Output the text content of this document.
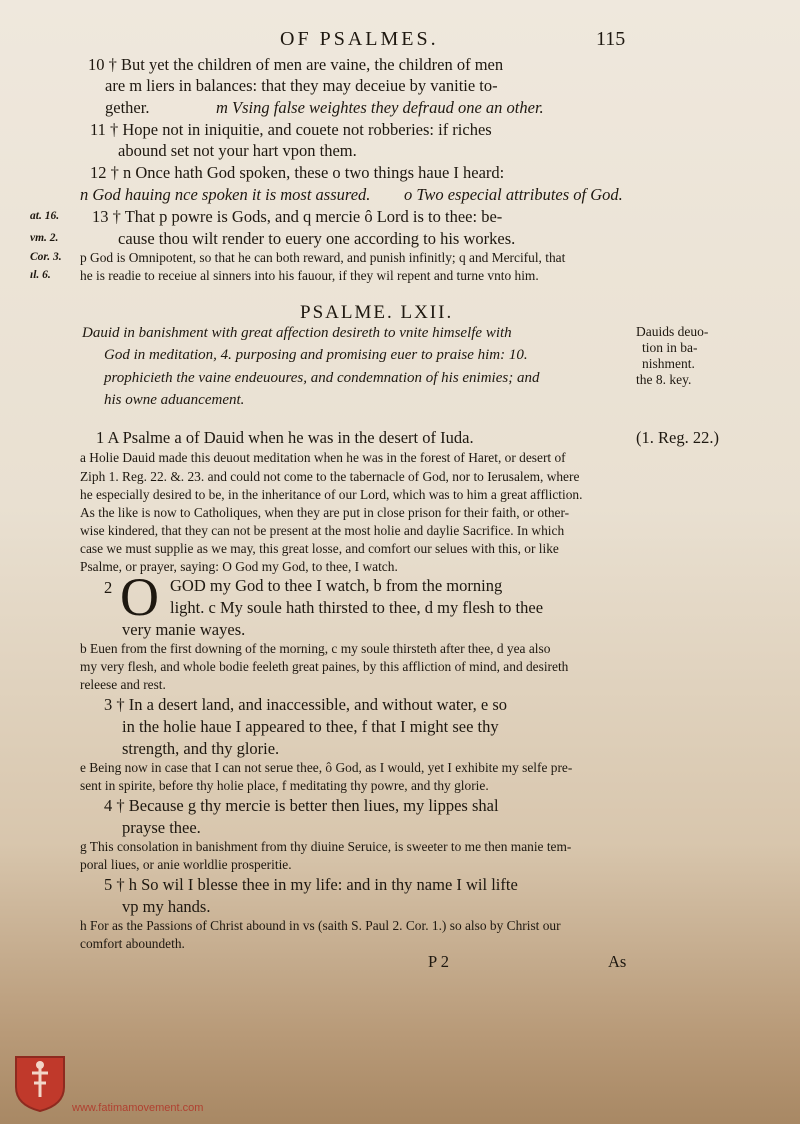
OF PSALMES.	115
10 † But yet the children of men are vaine, the children of men
are m liers in balances: that they may deceiue by vanitie to-
gether.	m Vsing false weightes they defraud one an other.
11 † Hope not in iniquitie, and couete not robberies: if riches
abound set not your hart vpon them.
12 † n Once hath God spoken, these o two things haue I heard:
n God hauing nce spoken it is most assured. o Two especial attributes of God.
13 † That p powre is Gods, and q mercie ô Lord is to thee: be-
cause thou wilt render to euery one according to his workes.
at. 16.
vm. 2.
Cor. 3.
ıl. 6.
p God is Omnipotent, so that he can both reward, and punish infinitly; q and Merciful, that
he is readie to receiue al sinners into his fauour, if they wil repent and turne vnto him.
PSALME. LXII.
Dauid in banishment with great affection desireth to vnite himselfe with
God in meditation, 4. purposing and promising euer to praise him: 10.
prophicieth the vaine endeuoures, and condemnation of his enimies; and
his owne aduancement.
Dauids deuo-
tion in ba-
nishment.
the 8. key.
1 A Psalme a of Dauid when he was in the desert of Iuda.	(1. Reg. 22.)
a Holie Dauid made this deuout meditation when he was in the forest of Haret, or desert of
Ziph 1. Reg. 22. &. 23. and could not come to the tabernacle of God, nor to Ierusalem, where
he especially desired to be, in the inheritance of our Lord, which was to him a great affliction.
As the like is now to Catholiques, when they are put in close prison for their faith, or other-
wise kindered, that they can not be present at the most holie and daylie Sacrifice. In which
case we must supplie as we may, this great losse, and comfort our selues with this, or like
Psalme, or prayer, saying: O God my God, to thee, I watch.
2 O GOD my God to thee I watch, b from the morning
light. c My soule hath thirsted to thee, d my flesh to thee
very manie wayes.
b Euen from the first downing of the morning, c my soule thirsteth after thee, d yea also
my very flesh, and whole bodie feeleth great paines, by this affliction of mind, and desireth
releese and rest.
3 † In a desert land, and inaccessible, and without water, e so
in the holie haue I appeared to thee, f that I might see thy
strength, and thy glorie.
e Being now in case that I can not serue thee, ô God, as I would, yet I exhibite my selfe pre-
sent in spirite, before thy holie place, f meditating thy powre, and thy glorie.
4 † Because g thy mercie is better then liues, my lippes shal
prayse thee.
g This consolation in banishment from thy diuine Seruice, is sweeter to me then manie tem-
poral liues, or anie worldlie prosperitie.
5 † h So wil I blesse thee in my life: and in thy name I wil lifte
vp my hands.
h For as the Passions of Christ abound in vs (saith S. Paul 2. Cor. 1.) so also by Christ our
comfort aboundeth.
P 2	As
www.fatimamovement.com
